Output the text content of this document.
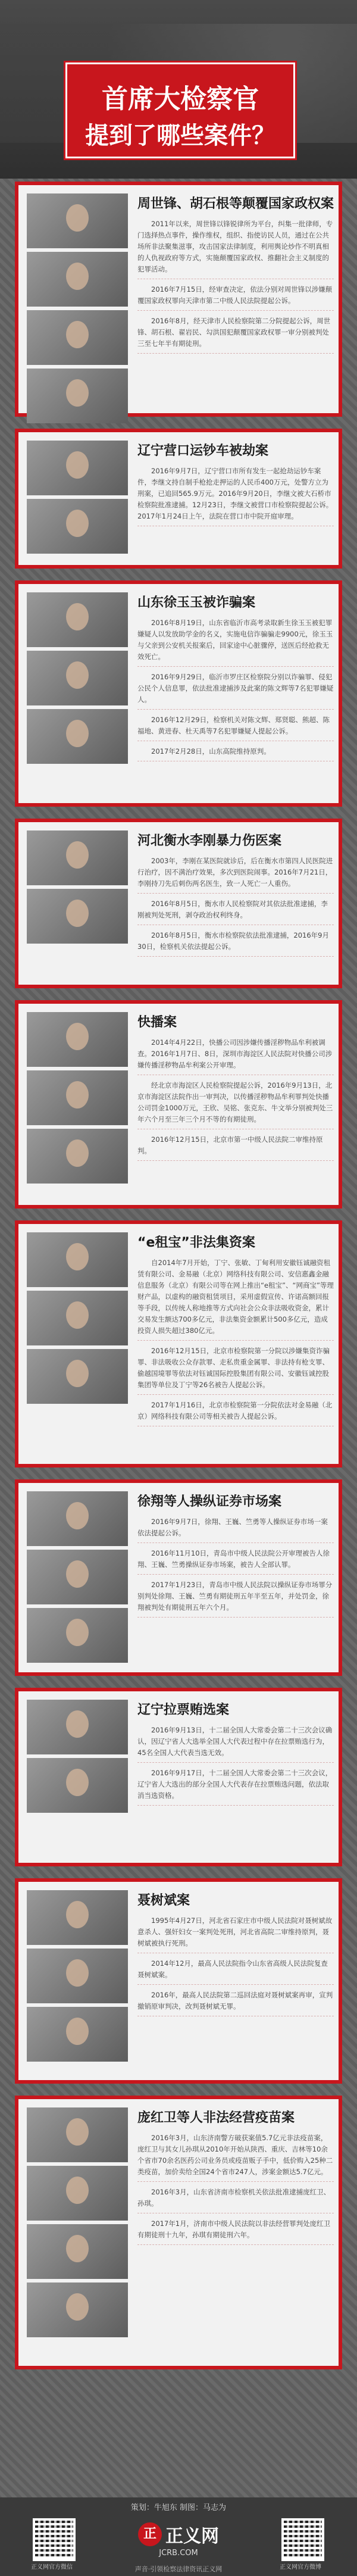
首席大检察官
提到了哪些案件？
周世锋、胡石根等颠覆国家政权案

2011年以来，周世锋以锋锐律所为平台，纠集一批律师，专门选择热点事件，操作维权，组织、指使访民人员，通过在公共场所非法聚集滋事，攻击国家法律制度，利用舆论炒作不明真相的人仇视政府等方式，实施颠覆国家政权、推翻社会主义制度的犯罪活动。

2016年7月15日，经审查决定，依法分别对周世锋以涉嫌颠覆国家政权罪向天津市第二中级人民法院提起公诉。

2016年8月，经天津市人民检察院第二分院提起公诉，周世锋、胡石根、翟岩民、勾洪国犯颠覆国家政权罪一审分别被判处三至七年半有期徒刑。

辽宁营口运钞车被劫案

2016年9月7日，辽宁营口市所有发生一起抢劫运钞车案件，李继文持自制手枪抢走押运的人民币400万元，处警方立为刑案，已追回565.9万元。2016年9月20日，李继文被大石桥市检察院批准逮捕。12月23日，李继文被营口市检察院提起公诉。2017年1月24日上午，法院在营口市中院开庭审理。

山东徐玉玉被诈骗案

2016年8月19日，山东省临沂市高考录取新生徐玉玉被犯罪嫌疑人以发放助学金的名义，实施电信诈骗骗走9900元，徐玉玉与父亲到公安机关报案后，回家途中心脏骤停，送医后经抢救无效死亡。

2016年9月29日，临沂市罗庄区检察院分别以诈骗罪、侵犯公民个人信息罪，依法批准逮捕涉及此案的陈文辉等7名犯罪嫌疑人。

2016年12月29日，检察机关对陈文辉、郑贤聪、熊超、陈福地、黄进春、杜天禹等7名犯罪嫌疑人提起公诉。

2017年2月28日，山东高院维持原判。

河北衡水李刚暴力伤医案

2003年，李刚在某医院就诊后，后在衡水市第四人民医院进行治疗，因不满治疗效果，多次到医院闹事。2016年7月21日，李刚持刀先后刺伤两名医生，致一人死亡一人重伤。

2016年8月5日，衡水市人民检察院对其依法批准逮捕，李刚被判处死刑，剥夺政治权利终身。

2016年8月5日，衡水市检察院依法批准逮捕，2016年9月30日，检察机关依法提起公诉。

快播案

2014年4月22日，快播公司因涉嫌传播淫秽物品牟利被调查。2016年1月7日、8日，深圳市海淀区人民法院对快播公司涉嫌传播淫秽物品牟利案公开审理。

经北京市海淀区人民检察院提起公诉，2016年9月13日，北京市海淀区法院作出一审判决，以传播淫秽物品牟利罪判处快播公司罚金1000万元，王欣、吴铭、张克东、牛文举分别被判处三年六个月至三年三个月不等的有期徒刑。

2016年12月15日，北京市第一中级人民法院二审维持原判。

“e租宝”非法集资案

自2014年7月开始，丁宁、张敏、丁甸利用安徽钰诚融资租赁有限公司、金易融（北京）网络科技有限公司、安信惠鑫金融信息服务（北京）有限公司等在网上推出“e租宝”、“网商宝”等理财产品，以虚构的融资租赁项目，采用虚假宣传、许诺高额回报等手段，以传统人称地推等方式向社会公众非法吸收资金，累计交易发生额达700多亿元，非法集资金额累计500多亿元，造成投资人损失超过380亿元。

2016年12月15日，北京市检察院第一分院以涉嫌集资诈骗罪、非法吸收公众存款罪、走私贵重金属罪、非法持有枪支罪、偷越国境罪等依法对钰诚国际控股集团有限公司、安徽钰诚控股集团等单位及丁宁等26名被告人提起公诉。

2017年1月16日，北京市检察院第一分院依法对金易融（北京）网络科技有限公司等相关被告人提起公诉。

徐翔等人操纵证券市场案

2016年9月7日，徐翔、王巍、竺勇等人操纵证券市场一案依法提起公诉。

2016年11月10日，青岛市中级人民法院公开审理被告人徐翔、王巍、竺勇操纵证券市场案，被告人全部认罪。

2017年1月23日，青岛市中级人民法院以操纵证券市场罪分别判处徐翔、王巍、竺勇有期徒刑五年半至五年，并处罚金，徐翔被判处有期徒刑五年六个月。

辽宁拉票贿选案

2016年9月13日，十二届全国人大常委会第二十三次会议确认，因辽宁省人大选举全国人大代表过程中存在拉票贿选行为，45名全国人大代表当选无效。

2016年9月17日，十二届全国人大常委会第二十三次会议，辽宁省人大选出的部分全国人大代表存在拉票贿选问题，依法取消当选资格。

聂树斌案

1995年4月27日，河北省石家庄市中级人民法院对聂树斌故意杀人、强奸妇女一案判处死刑，河北省高院二审维持原判，聂树斌被执行死刑。

2014年12月，最高人民法院指令山东省高级人民法院复查聂树斌案。

2016年，最高人民法院第二巡回法庭对聂树斌案再审，宣判撤销原审判决，改判聂树斌无罪。

庞红卫等人非法经营疫苗案

2016年3月，山东济南警方破获案值5.7亿元非法疫苗案，庞红卫与其女儿孙琪从2010年开始从陕西、重庆、吉林等10余个省市70余名医药公司业务员或疫苗贩子手中，低价购入25种二类疫苗，加价卖给全国24个省市247人，涉案金额达5.7亿元。

2016年3月，山东省济南市检察机关依法批准逮捕庞红卫、孙琪。

2017年1月，济南市中级人民法院以非法经营罪判处庞红卫有期徒刑十九年，孙琪有期徒刑六年。

策划：牛旭东 制图：马志为
正义网官方微信
正 正义网
JCRB.COM
正义网官方微博
声音·引领检察法律资讯正义网
